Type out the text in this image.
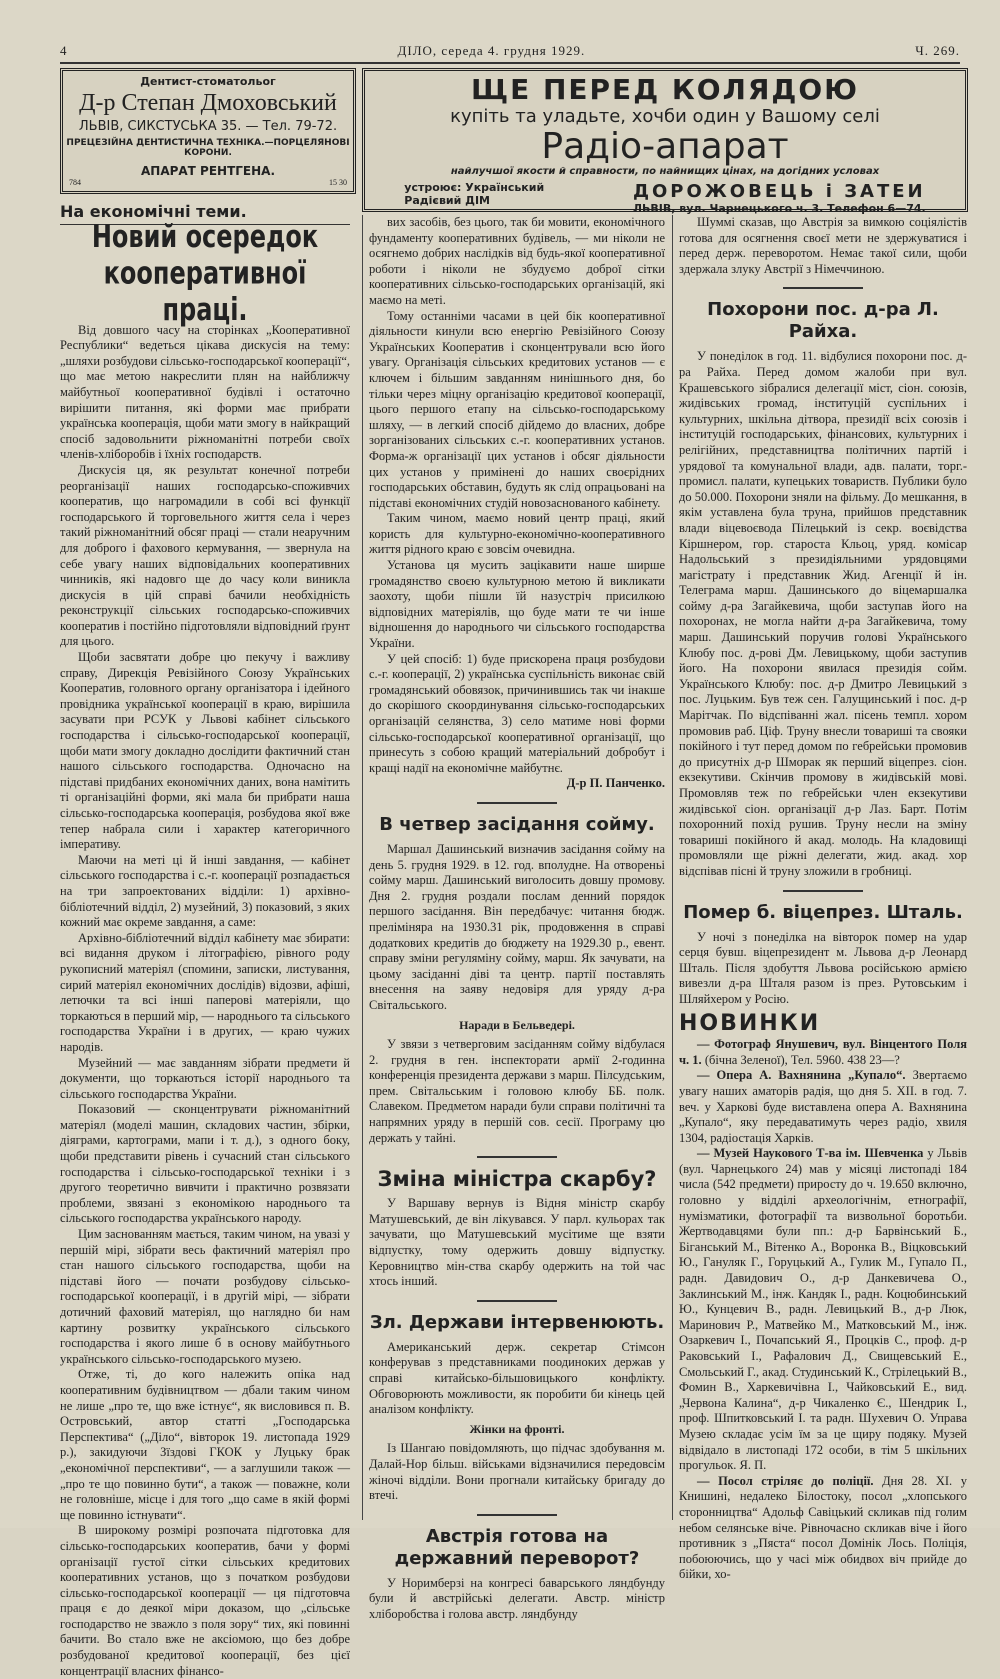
4	ДІЛО, середа 4. грудня 1929.	Ч. 269.
Дентист-стоматольог
Д-р Степан Дмоховський
ЛЬВІВ, СИКСТУСЬКА 35. — Тел. 79-72.
ПРЕЦЕЗІЙНА ДЕНТИСТИЧНА ТЕХНІКА.—ПОРЦЕЛЯНОВІ КОРОНИ.
АПАРАТ РЕНТГЕНА.
784	15 30
ЩЕ ПЕРЕД КОЛЯДОЮ
купіть та уладьте, хочби один у Вашому селі
Радіо-апарат
найлучшої якости й справности, по найнищих цінах, на догідних условах
устроює: Український Радієвий ДІМ	ДОРОЖОВЕЦЬ і ЗАТЕИ
ЛЬВІВ, вул. Чарнецького ч. 3. Телефон 6—74.
На економічні теми.
Новий осередок кооперативної праці.

Від довшого часу на сторінках „Кооперативної Республики“ ведеться цікава дискусія на тему: „шляхи розбудови сільсько-господарської кооперації“, що має метою накреслити плян на найближчу майбутньої кооперативної будівлі і остаточно вирішити питання, які форми має прибрати українська кооперація, щоби мати змогу в найкращий спосіб задовольнити ріжноманітні потреби своїх членів-хліборобів і їхніх господарств.

Дискусія ця, як результат конечної потреби реорганізації наших господарсько-споживчих кооператив, що нагромадили в собі всі функції господарського й торговельного життя села і через такий ріжноманітний обсяг праці — стали неаручним для доброго і фахового кермування, — звернула на себе увагу наших відповідальних кооперативних чинників, які надовго ще до часу коли виникла дискусія в цій справі бачили необхідність реконструкції сільських господарсько-споживчих кооператив і постійно підготовляли відповідний ґрунт для цього.

Щоби засвятати добре цю пекучу і важливу справу, Дирекція Ревізійного Союзу Українських Кооператив, головного органу організатора і ідейного провідника української кооперації в краю, вирішила засувати при РСУК у Львові кабінет сільського господарства і сільсько-господарської кооперації, щоби мати змогу докладно дослідити фактичний стан нашого сільського господарства. Одночасно на підставі придбаних економічних даних, вона намітить ті організаційні форми, які мала би прибрати наша сільсько-господарська кооперація, розбудова якої вже тепер набрала сили і характер категоричного імперативу.

Маючи на меті ці й інші завдання, — кабінет сільського господарства і с.-г. кооперації розпадається на три запроектованих відділи: 1) архівно-бібліотечний відділ, 2) музейний, 3) показовий, з яких кожний має окреме завдання, а саме:

Архівно-бібліотечний відділ кабінету має збирати: всі видання друком і літографією, рівного роду рукописний матеріял (спомини, записки, листування, сирий матеріял економічних дослідів) відозви, афіші, летючки та всі інші паперові матеріяли, що торкаються в перший мір, — народнього та сільського господарства України і в других, — краю чужих народів.

Музейний — має завданням зібрати предмети й документи, що торкаються історії народнього та сільського господарства України.

Показовий — сконцентрувати ріжноманітний матеріял (моделі машин, складових частин, збірки, діяграми, картограми, мапи і т. д.), з одного боку, щоби представити рівень і сучасний стан сільського господарства і сільсько-господарської техніки і з другого теоретично вивчити і практично розвязати проблеми, звязані з економікою народнього та сільського господарства українського народу.

Цим заснованням мається, таким чином, на увазі у першій мірі, зібрати весь фактичний матеріял про стан нашого сільського господарства, щоби на підставі його — почати розбудову сільсько-господарської кооперації, і в другій мірі, — зібрати дотичний фаховий матеріял, що наглядно би нам картину розвитку українського сільського господарства і якого лише б в основу майбутнього українського сільсько-господарського музею.

Отже, ті, до кого належить опіка над кооперативним будівництвом — дбали таким чином не лише „про те, що вже істнує“, як висловився п. В. Островський, автор статті „Господарська Перспектива“ („Діло“, вівторок 19. листопада 1929 р.), закидуючи Зїздові ГКОК у Луцьку брак „економічної перспективи“, — а заглушили також — „про те що повинно бути“, а також — поважне, коли не головніше, місце і для того „що саме в якій формі ще повинно істнувати“.

В широкому розмірі розпочата підготовка для сільсько-господарських кооператив, бачи у формі організації густої сітки сільських кредитових кооперативних установ, що з початком розбудови сільсько-господарської кооперації — ця підготовча праця є до деякої міри доказом, що „сільське господарство не зважло з поля зору“ тих, які повинні бачити. Во стало вже не аксіомою, що без добре розбудованої кредитової кооперації, без цієї концентрації власних фінансо-

вих засобів, без цього, так би мовити, економічного фундаменту кооперативних будівель, — ми ніколи не осягнемо добрих наслідків від будь-якої кооперативної роботи і ніколи не збудуємо доброї сітки кооперативних сільсько-господарських організацій, які маємо на меті.

Тому останніми часами в цей бік кооперативної діяльности кинули всю енергію Ревізійного Союзу Українських Кооператив і сконцентрували всю його увагу. Організація сільських кредитових установ — є ключем і більшим завданням нинішнього дня, бо тільки через міцну організацію кредитової кооперації, цього першого етапу на сільсько-господарському шляху, — в легкий спосіб дійдемо до власних, добре зорганізованих сільських с.-г. кооперативних установ. Форма-ж організації цих установ і обсяг діяльности цих установ у примінені до наших своєрідних господарських обставин, будуть як слід опрацьовані на підставі економічних студій новозаснованого кабінету.

Таким чином, маємо новий центр праці, який користь для культурно-економічно-кооперативного життя рідного краю є зовсім очевидна.

Установа ця мусить зацікавити наше ширше громадянство своєю культурною метою й викликати заохоту, щоби пішли їй назустріч присилкою відповідних матеріялів, що буде мати те чи інше відношення до народнього чи сільського господарства України.

У цей спосіб: 1) буде прискорена праця розбудови с.-г. кооперації, 2) українська суспільність виконає свій громадянський обовязок, причинившись так чи інакше до скорішого скоординування сільсько-господарських організацій селянства, 3) село матиме нові форми сільсько-господарської кооперативної організації, що принесуть з собою кращий матеріальний добробут і кращі надії на економічне майбутнє.

Д-р П. Панченко.

В четвер засідання сойму.

Маршал Дашинський визначив засідання сойму на день 5. грудня 1929. в 12. год. вполудне. На отвореньі сойму марш. Дашинський виголосить довшу промову. Дня 2. грудня роздали послам денний порядок першого засідання. Він передбачує: читання бюдж. преліміняра на 1930.31 рік, продовження в справі додаткових кредитів до бюджету на 1929.30 р., евент. справу зміни регуляміну сойму, марш. Як зачувати, на цьому засіданні діві та центр. партії поставлять внесення на заяву недовіря для уряду д-ра Світальського.

Наради в Бельведері.

У звязи з четверговим засіданням сойму відбулася 2. грудня в ген. інспекторати армії 2-годинна конференція президента держави з марш. Пілсудським, прем. Світальським і головою клюбу ББ. полк. Славеком. Предметом наради були справи політичні та напрямних уряду в першій сов. сесії. Програму цю держать у тайні.

Зміна міністра скарбу?

У Варшаву вернув із Відня міністр скарбу Матушевський, де він лікувався. У парл. кульорах так зачувати, що Матушевський мусітиме ще взяти відпустку, тому одержить довшу відпустку. Керовництво мін-ства скарбу одержить на той час хтось інший.

Зл. Держави інтервенюють.

Американський держ. секретар Стімсон конферував з представниками поодиноких держав у справі китайсько-більшовицького конфлікту. Обговорюють можливости, як поробити би кінець цей аналізом конфлікту.

Жінки на фронті.

Із Шангаю повідомляють, що підчас здобування м. Далай-Нор більш. військами відзначилися передовсім жіночі відділи. Вони прогнали китайську бригаду до втечі.

Австрія готова на державний переворот?

У Норимберзі на конгресі баварського ляндбунду були й австрійські делегати. Австр. міністр хліборобства і голова австр. ляндбунду

Шуммі сказав, що Австрія за вимкою соціялістів готова для осягнення своєї мети не здержуватися і перед держ. переворотом. Немає такої сили, щоби здержала злуку Австрії з Німеччиною.

Похорони пос. д-ра Л. Райха.

У понеділок в год. 11. відбулися похорони пос. д-ра Райха. Перед домом жалоби при вул. Крашевського зібралися делегації міст, сіон. союзів, жидівських громад, інституцій суспільних і культурних, шкільна дітвора, президії всіх союзів і інституцій господарських, фінансових, культурних і релігійних, представництва політичних партій і урядової та комунальної влади, адв. палати, торг.-промисл. палати, купецьких товариств. Публики було до 50.000. Похорони зняли на фільму. До мешкання, в якім уставлена була труна, прийшов представник влади віцевоєвода Пілецький із секр. воєвідства Кіршнером, гор. староста Кльоц, уряд. комісар Надольський з президіяльними урядовцями магістрату і представник Жид. Агенції й ін. Телеграма марш. Дашинського до віцемаршалка сойму д-ра Загайкевича, щоби заступав його на похоронах, не могла найти д-ра Загайкевича, тому марш. Дашинський поручив голові Українського Клюбу пос. д-рові Дм. Левицькому, щоби заступив його. На похорони явилася президія сойм. Українського Клюбу: пос. д-р Дмитро Левицький з пос. Луцьким. Був теж сен. Галущинський і пос. д-р Марітчак. По відспіванні жал. пісень темпл. хором промовив раб. Ціф. Труну внесли товариші та свояки покійного і тут перед домом по гебрейськи промовив до присутніх д-р Шморак як перший віцепрез. сіон. екзекутиви. Скінчив промову в жидівській мові. Промовляв теж по гебрейськи член екзекутиви жидівської сіон. організації д-р Лаз. Барт. Потім похоронний похід рушив. Труну несли на зміну товариші покійного й акад. молодь. На кладовищі промовляли ще ріжні делегати, жид. акад. хор відспівав пісні й труну зложили в гробниці.

Помер б. віцепрез. Шталь.

У ночі з понеділка на вівторок помер на удар серця бувш. віцепрезидент м. Львова д-р Леонард Шталь. Після здобуття Львова російською армією вивезли д-ра Шталя разом із през. Рутовським і Шляйхером у Росію.

НОВИНКИ

— Фотограф Янушевич, вул. Вінцентого Поля ч. 1. (бічна Зеленої), Тел. 5960. 438 23—?

— Опера А. Вахнянина „Купало“. Звертаємо увагу наших аматорів радія, що дня 5. XII. в год. 7. веч. у Харкові буде виставлена опера А. Вахнянина „Купало“, яку передаватимуть через радіо, хвиля 1304, радіостація Харків.

— Музей Наукового Т-ва ім. Шевченка у Львів (вул. Чарнецького 24) мав у місяці листопаді 184 числа (542 предмети) приросту до ч. 19.650 включно, головно у відділі археологічнім, етнографії, нумізматики, фотографії та визвольної боротьби. Жертводавцями були пп.: д-р Барвінський Б., Біганський М., Вітенко А., Воронка В., Віцковський Ю., Гануляк Г., Горуцький А., Гулик М., Гупало П., радн. Давидович О., д-р Данкевичева О., Заклинський М., інж. Кандяк І., радн. Коцюбинський Ю., Кунцевич В., радн. Левицький В., д-р Люк, Маринович Р., Матвейко М., Матковський М., інж. Озаркевич І., Почапський Я., Процків С., проф. д-р Раковський І., Рафалович Д., Свищевський Е., Смольський Г., акад. Студинський К., Стрілецький В., Фомин В., Харкевичівна І., Чайковський Е., вид. „Червона Калина“, д-р Чикаленко Є., Шендрик І., проф. Шпитковський І. та радн. Шухевич О. Управа Музею складає усім їм за це щиру подяку. Музей відвідало в листопаді 172 особи, в тім 5 шкільних прогульок. Я. П.

— Посол стріляє до поліції. Дня 28. XI. у Книшині, недалеко Білостоку, посол „хлопського сторонництва“ Адольф Савіцький скликав під голим небом селянське віче. Рівночасно скликав віче і його противник з „Пяста“ посол Домінік Лось. Поліція, побоюючись, що у часі між обидвох віч прийде до бійки, хо-
